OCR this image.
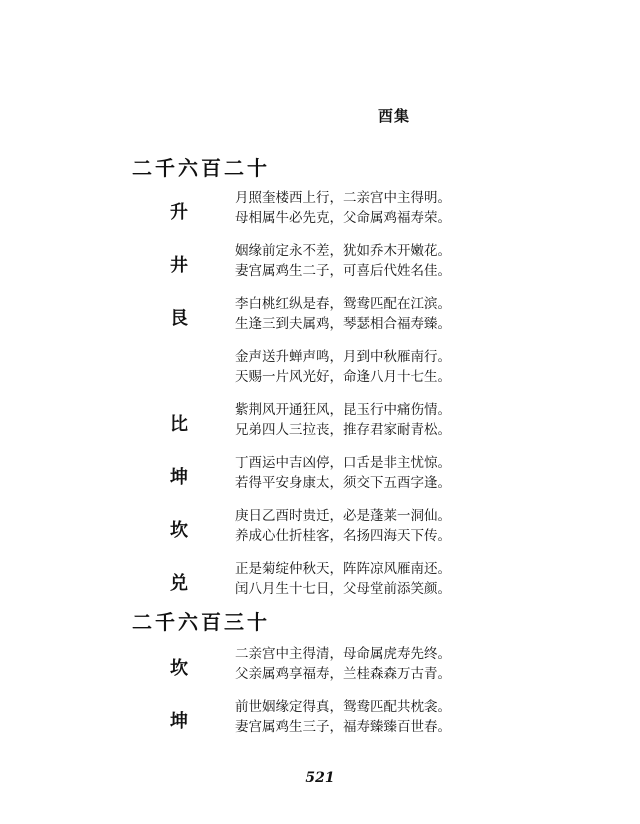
酉集
二千六百二十
升
月照奎楼西上行，二亲宫中主得明。
母相属牛必先克，父命属鸡福寿荣。
井
姻缘前定永不差，犹如乔木开嫩花。
妻宫属鸡生二子，可喜后代姓名佳。
艮
李白桃红纵是春，鸳鸯匹配在江滨。
生逢三到夫属鸡，琴瑟相合福寿臻。
金声送升蝉声鸣，月到中秋雁南行。
天赐一片风光好，命逢八月十七生。
比
紫荆风开通狂风，昆玉行中痛伤情。
兄弟四人三拉丧，推存君家耐青松。
坤
丁酉运中吉凶停，口舌是非主忧惊。
若得平安身康太，须交下五酉字逢。
坎
庚日乙酉时贵迁，必是蓬莱一洞仙。
养成心仕折桂客，名扬四海天下传。
兑
正是菊绽仲秋天，阵阵凉风雁南还。
闰八月生十七日，父母堂前添笑颜。
二千六百三十
坎
二亲宫中主得清，母命属虎寿先终。
父亲属鸡享福寿，兰桂森森万古青。
坤
前世姻缘定得真，鸳鸯匹配共枕衾。
妻宫属鸡生三子，福寿臻臻百世春。
521
